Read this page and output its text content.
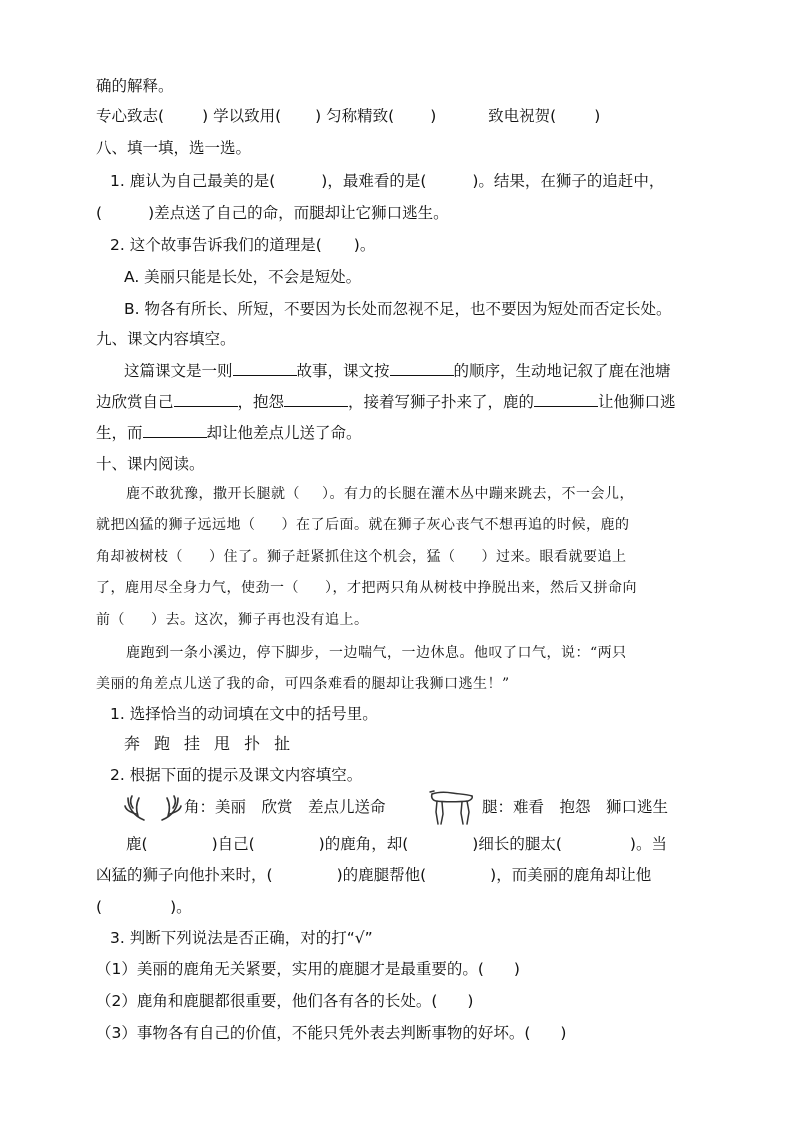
确的解释。
专心致志( ) 学以致用( ) 匀称精致( )	致电祝贺( )
八、填一填，选一选。
1. 鹿认为自己最美的是(	)，最难看的是(	)。结果，在狮子的追赶中，
(	)差点送了自己的命，而腿却让它狮口逃生。
2. 这个故事告诉我们的道理是( )。
A. 美丽只能是长处，不会是短处。
B. 物各有所长、所短，不要因为长处而忽视不足，也不要因为短处而否定长处。
九、课文内容填空。
这篇课文是一则	故事，课文按	的顺序，生动地记叙了鹿在池塘
边欣赏自己	，抱怨	，接着写狮子扑来了，鹿的	让他狮口逃
生，而	却让他差点儿送了命。
十、课内阅读。
鹿不敢犹豫，撒开长腿就（ ）。有力的长腿在灌木丛中蹦来跳去，不一会儿，
就把凶猛的狮子远远地（ ）在了后面。就在狮子灰心丧气不想再追的时候，鹿的
角却被树枝（ ）住了。狮子赶紧抓住这个机会，猛（ ）过来。眼看就要追上
了，鹿用尽全身力气，使劲一（ ），才把两只角从树枝中挣脱出来，然后又拼命向
前（ ）去。这次，狮子再也没有追上。
鹿跑到一条小溪边，停下脚步，一边喘气，一边休息。他叹了口气，说：“两只
美丽的角差点儿送了我的命，可四条难看的腿却让我狮口逃生！”
1. 选择恰当的动词填在文中的括号里。
奔 跑 挂 甩 扑 扯
2. 根据下面的提示及课文内容填空。
角：美丽　欣赏　差点儿送命	腿：难看　抱怨　狮口逃生
鹿(	)自己(	)的鹿角，却(	)细长的腿太(	)。当
凶猛的狮子向他扑来时，(	)的鹿腿帮他(	)，而美丽的鹿角却让他
(	)。
3. 判断下列说法是否正确，对的打“√”
（1）美丽的鹿角无关紧要，实用的鹿腿才是最重要的。( )
（2）鹿角和鹿腿都很重要，他们各有各的长处。( )
（3）事物各有自己的价值，不能只凭外表去判断事物的好坏。( )
